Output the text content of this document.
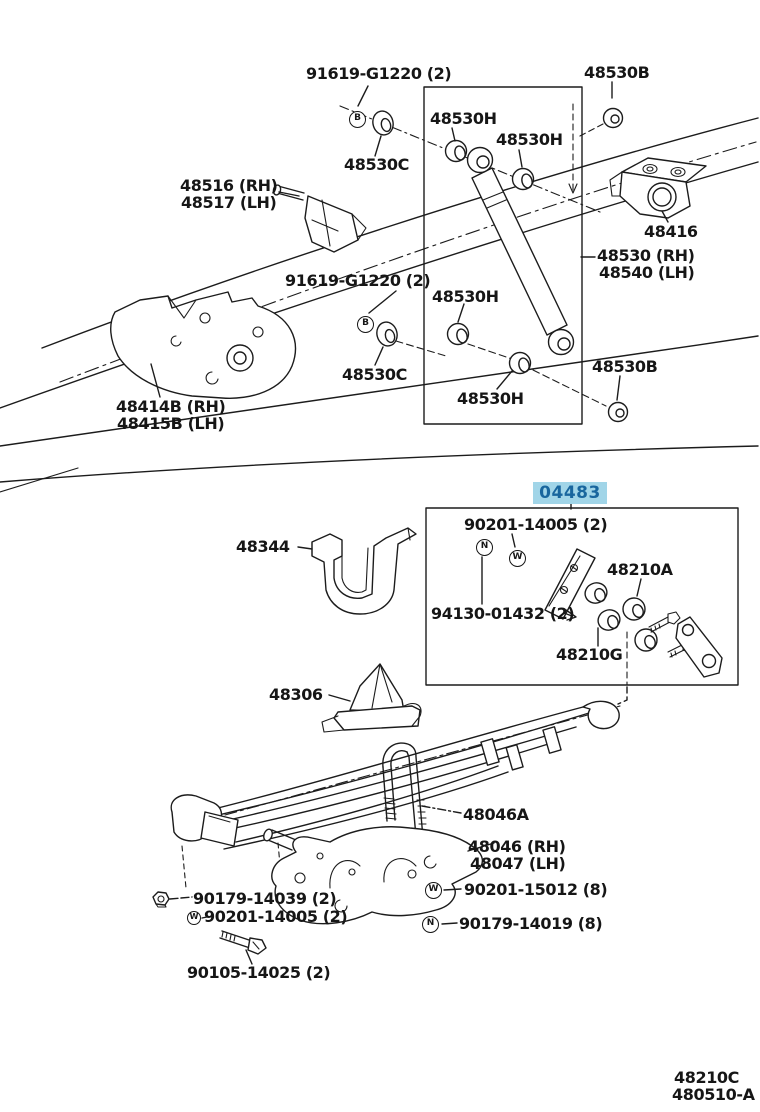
91619-G1220 (2)	48530B
48530H
48530H
48530C
48516 (RH)
48517 (LH)
48416
48530 (RH)
48540 (LH)
91619-G1220 (2)
48530H
48530C	48530B
48530H
48414B (RH)
48415B (LH)
04483
90201-14005 (2)
48344
48210A
94130-01432 (2)
48210G
48306
48046A
48046 (RH)
48047 (LH)
90179-14039 (2)
90201-14005 (2)
90105-14025 (2)
90201-15012 (8)
90179-14019 (8)
B
B
N
W
W
N
W
48210C
480510-A
